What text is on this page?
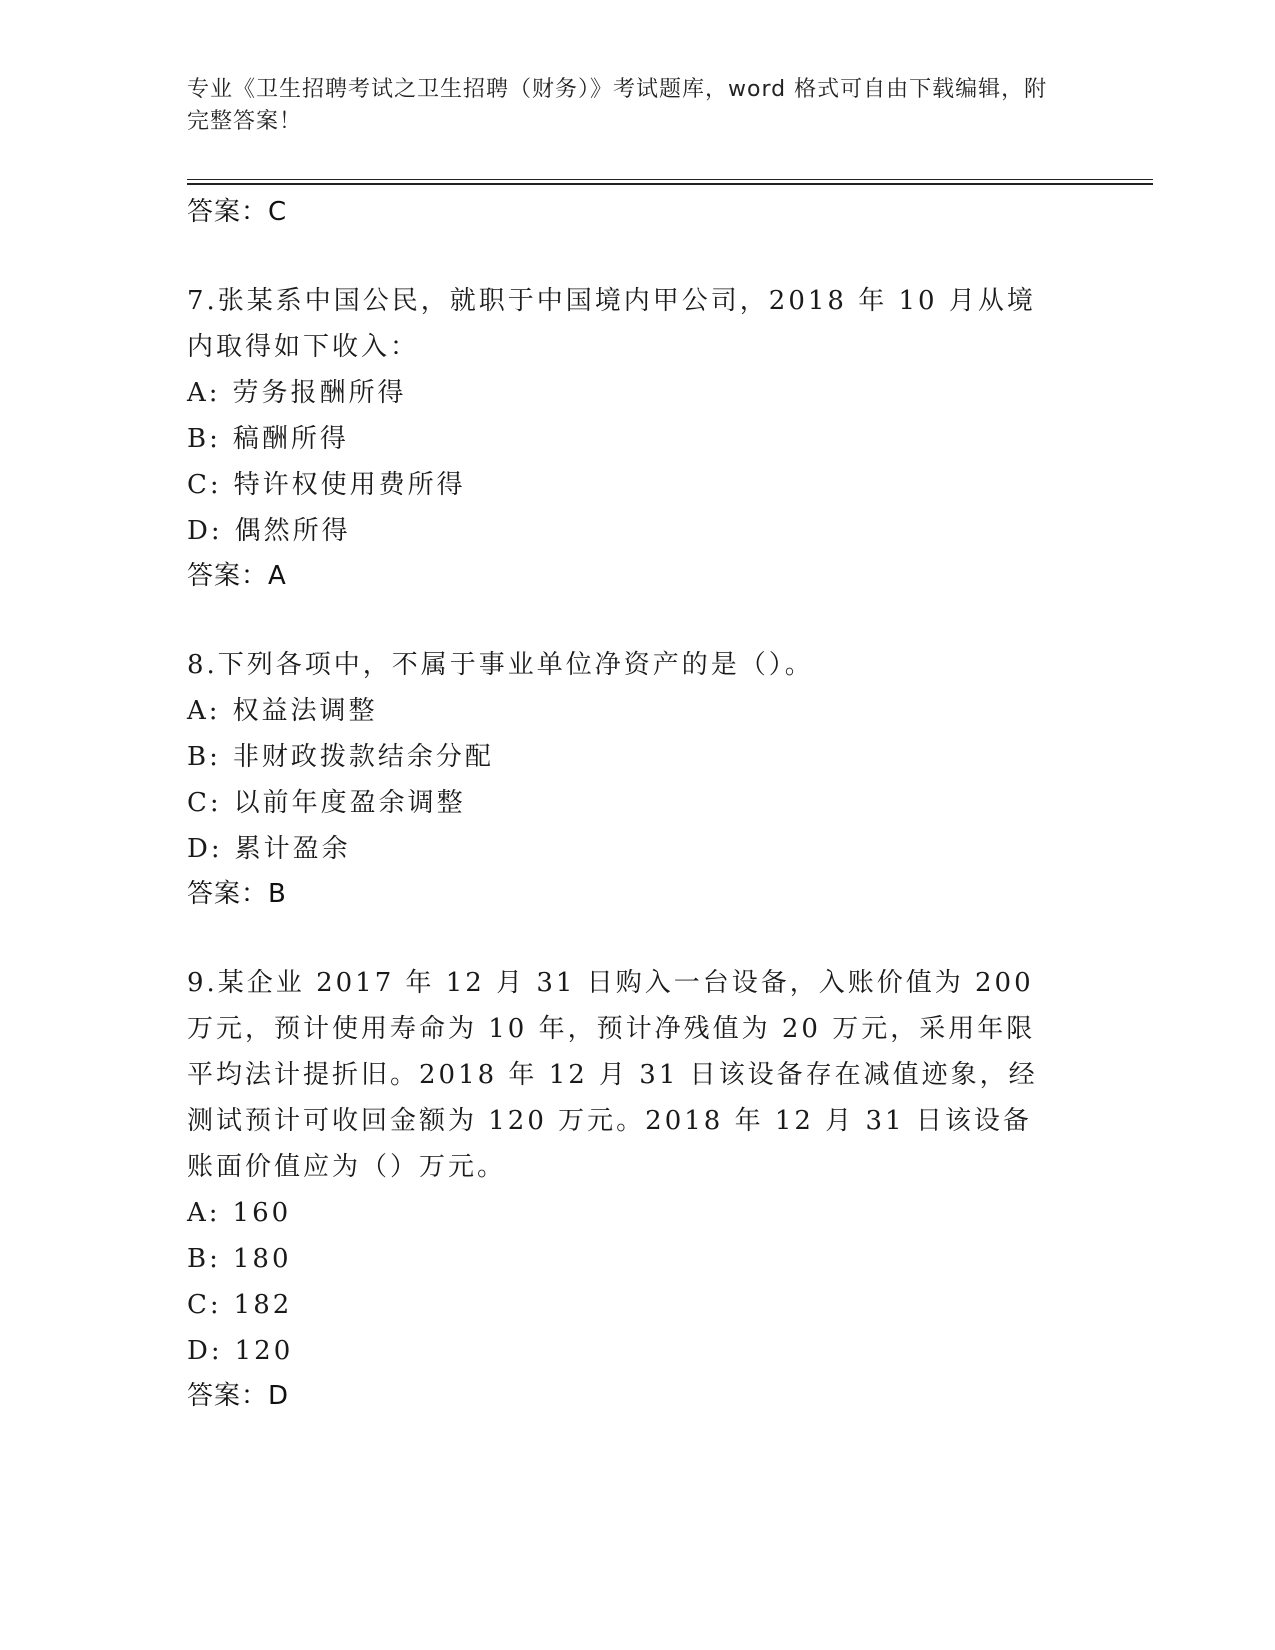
专业《卫生招聘考试之卫生招聘（财务）》考试题库，word 格式可自由下载编辑，附完整答案！
答案：C
7.张某系中国公民，就职于中国境内甲公司，2018 年 10 月从境内取得如下收入：
A: 劳务报酬所得
B: 稿酬所得
C: 特许权使用费所得
D: 偶然所得
答案：A
8.下列各项中，不属于事业单位净资产的是（）。
A: 权益法调整
B: 非财政拨款结余分配
C: 以前年度盈余调整
D: 累计盈余
答案：B
9.某企业 2017 年 12 月 31 日购入一台设备，入账价值为 200 万元，预计使用寿命为 10 年，预计净残值为 20 万元，采用年限平均法计提折旧。2018 年 12 月 31 日该设备存在减值迹象，经测试预计可收回金额为 120 万元。2018 年 12 月 31 日该设备账面价值应为（）万元。
A: 160
B: 180
C: 182
D: 120
答案：D
